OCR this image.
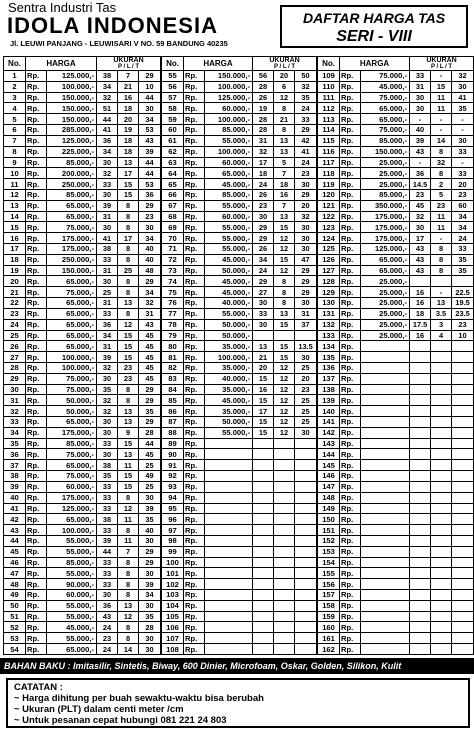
Sentra Industri Tas
IDOLA INDONESIA
Jl. LEUWI PANJANG - LEUWISARI V NO. 59 BANDUNG 40235
DAFTAR HARGA TAS
SERI - VIII
No.	HARGA		UKURAN
P / L / T		

1	Rp.	125.000,-	38	7	29
2	Rp.	100.000,-	34	21	10
3	Rp.	150.000,-	32	16	44
4	Rp.	150.000,-	51	18	30
5	Rp.	150.000,-	44	20	34
6	Rp.	285.000,-	41	19	53
7	Rp.	125.000,-	36	18	43
8	Rp.	225.000,-	34	18	39
9	Rp.	85.000,-	30	13	44
10	Rp.	200.000,-	32	17	44
11	Rp.	250.000,-	33	15	53
12	Rp.	85.000,-	30	15	36
13	Rp.	65.000,-	39	8	29
14	Rp.	65.000,-	31	8	23
15	Rp.	75.000,-	30	8	30
16	Rp.	175.000,-	41	17	34
17	Rp.	175.000,-	38	8	40
18	Rp.	250.000,-	33	8	40
19	Rp.	150.000,-	31	25	48
20	Rp.	65.000,-	30	8	29
21	Rp.	75.000,-	25	8	34
22	Rp.	65.000,-	31	13	32
23	Rp.	65.000,-	33	8	31
24	Rp.	65.000,-	36	12	43
25	Rp.	65.000,-	34	15	45
26	Rp.	65.000,-	31	15	45
27	Rp.	100.000,-	39	15	45
28	Rp.	100.000,-	32	23	45
29	Rp.	75.000,-	30	23	45
30	Rp.	75.000,-	35	8	29
31	Rp.	50.000,-	32	8	29
32	Rp.	50.000,-	32	13	35
33	Rp.	65.000,-	30	13	29
34	Rp.	175.000,-	30	9	28
35	Rp.	85.000,-	33	15	44
36	Rp.	75.000,-	30	13	45
37	Rp.	65.000,-	38	11	25
38	Rp.	75.000,-	35	15	49
39	Rp.	60.000,-	33	15	25
40	Rp.	175.000,-	33	8	30
41	Rp.	125.000,-	33	12	39
42	Rp.	65.000,-	38	11	35
43	Rp.	100.000,-	33	8	40
44	Rp.	55.000,-	39	11	30
45	Rp.	55.000,-	44	7	29
46	Rp.	85.000,-	33	8	29
47	Rp.	55.000,-	33	8	30
48	Rp.	90.000,-	33	8	39
49	Rp.	60.000,-	30	8	34
50	Rp.	55.000,-	36	13	30
51	Rp.	55.000,-	43	12	35
52	Rp.	45.000,-	24	8	28
53	Rp.	55.000,-	23	8	30
54	Rp.	65.000,-	24	14	30
No.	HARGA		UKURAN
P / L / T		

55	Rp.	150.000,-	56	20	50
56	Rp.	100.000,-	28	6	32
57	Rp.	125.000,-	26	12	35
58	Rp.	60.000,-	19	8	24
59	Rp.	100.000,-	28	21	33
60	Rp.	85.000,-	28	8	29
61	Rp.	55.000,-	31	13	42
62	Rp.	100.000,-	32	13	41
63	Rp.	60.000,-	17	5	24
64	Rp.	65.000,-	18	7	23
65	Rp.	45.000,-	24	18	30
66	Rp.	85.000,-	26	16	29
67	Rp.	55.000,-	23	7	20
68	Rp.	60.000,-	30	13	32
69	Rp.	55.000,-	29	15	30
70	Rp.	55.000,-	29	12	30
71	Rp.	55.000,-	26	12	30
72	Rp.	45.000,-	34	15	47
73	Rp.	50.000,-	24	12	29
74	Rp.	45.000,-	29	8	29
75	Rp.	45.000,-	27	8	29
76	Rp.	40.000,-	30	8	30
77	Rp.	55.000,-	33	13	31
78	Rp.	50.000,-	30	15	37
79	Rp.	50.000,-			
80	Rp.	35.000,-	13	15	13.5
81	Rp.	100.000,-	21	15	30
82	Rp.	35.000,-	20	12	25
83	Rp.	40.000,-	15	12	20
84	Rp.	35.000,-	16	12	23
85	Rp.	45.000,-	15	12	25
86	Rp.	35.000,-	17	12	25
87	Rp.	50.000,-	15	12	25
88	Rp.	55.000,-	15	12	30
89	Rp.				
90	Rp.				
91	Rp.				
92	Rp.				
93	Rp.				
94	Rp.				
95	Rp.				
96	Rp.				
97	Rp.				
98	Rp.				
99	Rp.				
100	Rp.				
101	Rp.				
102	Rp.				
103	Rp.				
104	Rp.				
105	Rp.				
106	Rp.				
107	Rp.				
108	Rp.				
No.	HARGA		UKURAN
P / L / T		

109	Rp.	75.000,-	33	-	32
110	Rp.	45.000,-	31	15	30
111	Rp.	75.000,-	30	11	41
112	Rp.	65.000,-	30	11	35
113	Rp.	65.000,-	-	-	-
114	Rp.	75.000,-	40	-	-
115	Rp.	85.000,-	39	14	30
116	Rp.	150.000,-	43	8	33
117	Rp.	25.000,-	-	32	-
118	Rp.	25.000,-	36	8	33
119	Rp.	25.000,-	14.5	2	20
120	Rp.	85.000,-	23	5	23
121	Rp.	350.000,-	45	23	60
122	Rp.	175.000,-	32	11	34
123	Rp.	175.000,-	30	11	34
124	Rp.	175.000,-	17	-	24
125	Rp.	125.000,-	43	8	33
126	Rp.	65.000,-	43	8	35
127	Rp.	65.000,-	43	8	35
128	Rp.	25.000,-			
129	Rp.	25.000,-	16	-	22.5
130	Rp.	25.000,-	16	13	19.5
131	Rp.	25.000,-	18	3.5	23.5
132	Rp.	25.000,-	17.5	3	23
133	Rp.	25.000,-	16	4	10
134	Rp.				
135	Rp.				
136	Rp.				
137	Rp.				
138	Rp.				
139	Rp.				
140	Rp.				
141	Rp.				
142	Rp.				
143	Rp.				
144	Rp.				
145	Rp.				
146	Rp.				
147	Rp.				
148	Rp.				
149	Rp.				
150	Rp.				
151	Rp.				
152	Rp.				
153	Rp.				
154	Rp.				
155	Rp.				
156	Rp.				
157	Rp.				
158	Rp.				
159	Rp.				
160	Rp.				
161	Rp.				
162	Rp.				
BAHAN BAKU : Imitasilir, Sintetis, Biway, 600 Dinier, Microfoam, Oskar, Golden, Silikon, Kulit
CATATAN :
~ Harga dihitung per buah sewaktu-waktu bisa berubah
~ Ukuran (PLT) dalam centi meter /cm
~ Untuk pesanan cepat hubungi 081 221 24 803
